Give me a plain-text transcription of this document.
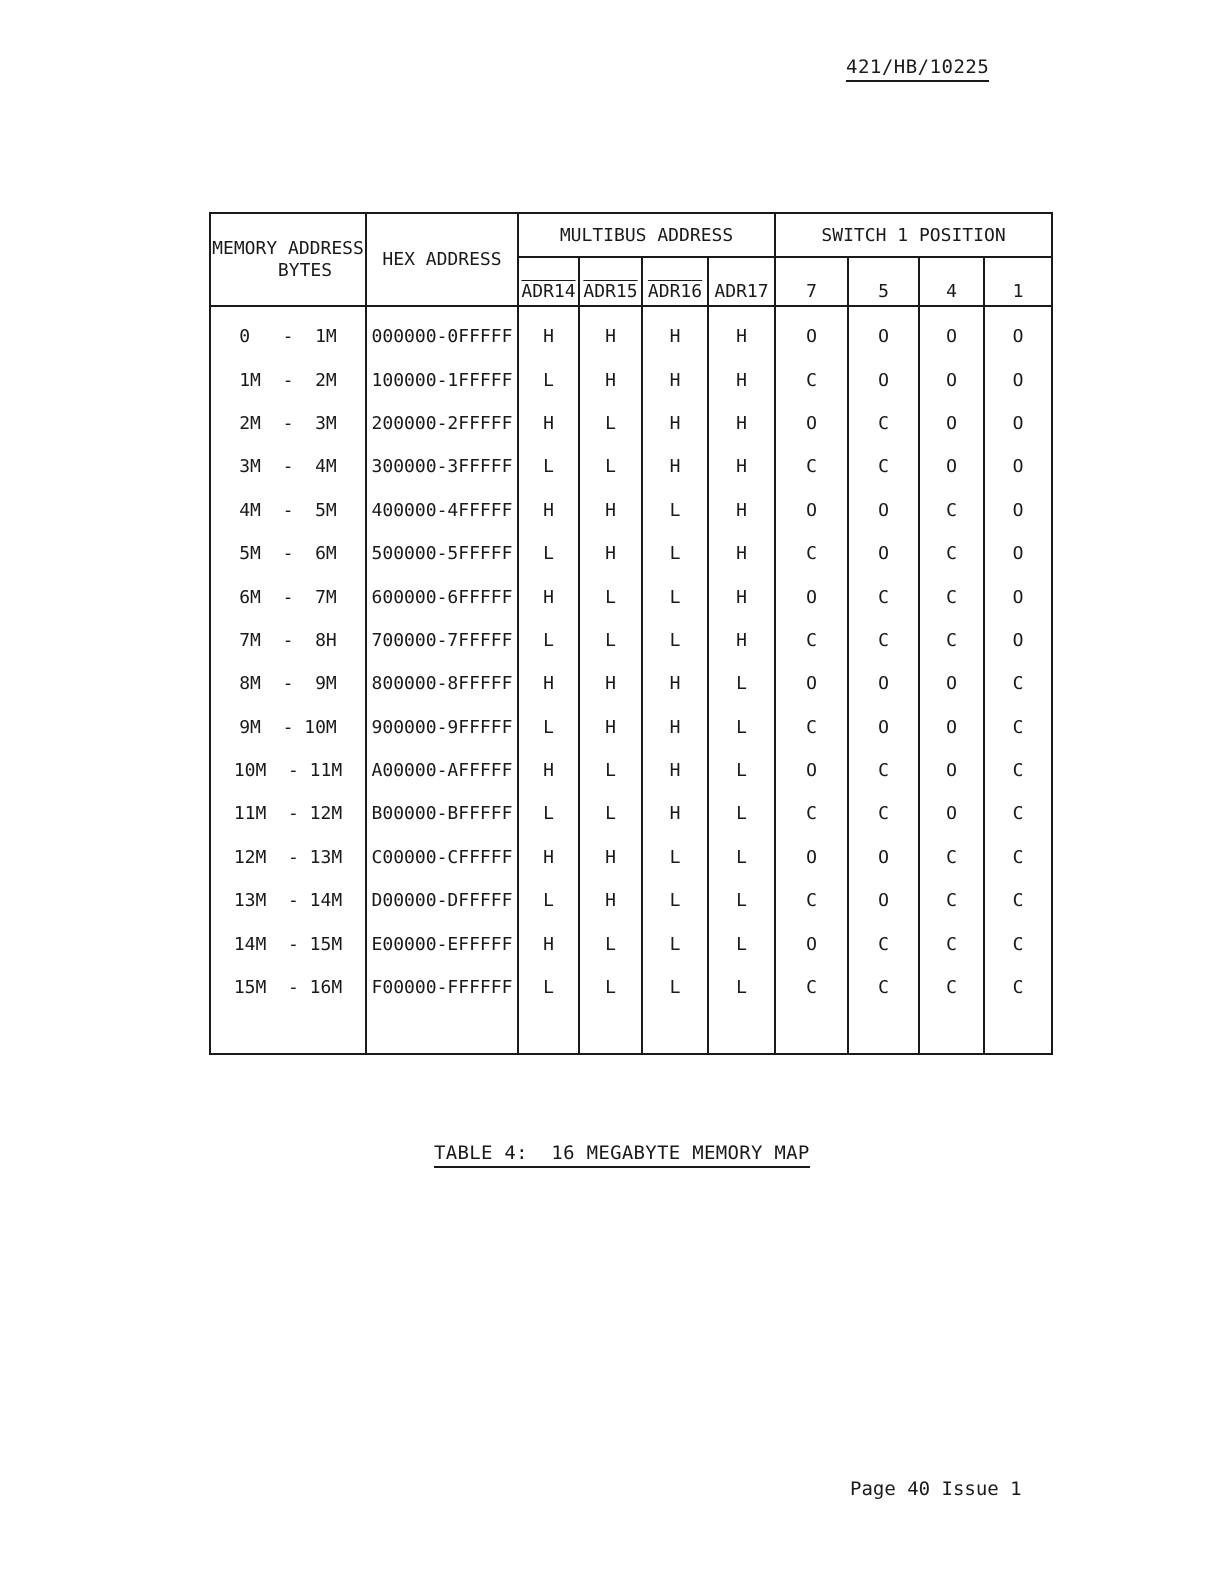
421/HB/10225
MEMORY ADDRESS
BYTES	HEX ADDRESS	MULTIBUS ADDRESS				SWITCH 1 POSITION			
		ADR14	ADR15	ADR16	ADR17	7	5	4	1
0   -  1M	000000-0FFFFF	H	H	H	H	O	O	O	O
1M  -  2M	100000-1FFFFF	L	H	H	H	C	O	O	O
2M  -  3M	200000-2FFFFF	H	L	H	H	O	C	O	O
3M  -  4M	300000-3FFFFF	L	L	H	H	C	C	O	O
4M  -  5M	400000-4FFFFF	H	H	L	H	O	O	C	O
5M  -  6M	500000-5FFFFF	L	H	L	H	C	O	C	O
6M  -  7M	600000-6FFFFF	H	L	L	H	O	C	C	O
7M  -  8H	700000-7FFFFF	L	L	L	H	C	C	C	O
8M  -  9M	800000-8FFFFF	H	H	H	L	O	O	O	C
9M  - 10M	900000-9FFFFF	L	H	H	L	C	O	O	C
10M  - 11M	A00000-AFFFFF	H	L	H	L	O	C	O	C
11M  - 12M	B00000-BFFFFF	L	L	H	L	C	C	O	C
12M  - 13M	C00000-CFFFFF	H	H	L	L	O	O	C	C
13M  - 14M	D00000-DFFFFF	L	H	L	L	C	O	C	C
14M  - 15M	E00000-EFFFFF	H	L	L	L	O	C	C	C
15M  - 16M	F00000-FFFFFF	L	L	L	L	C	C	C	C

TABLE 4:  16 MEGABYTE MEMORY MAP
Page 40 Issue 1
